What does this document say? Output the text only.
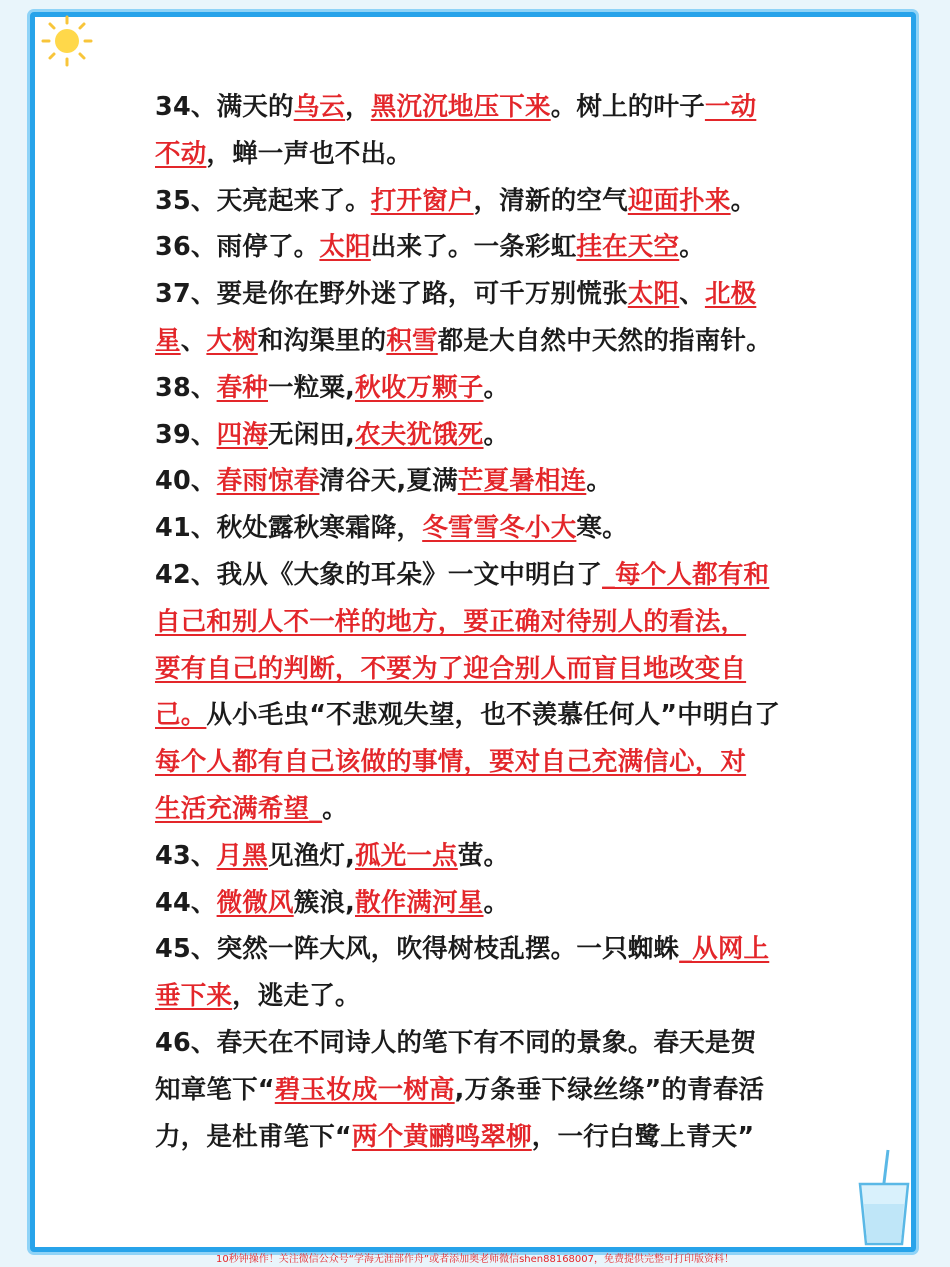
34、满天的乌云，黑沉沉地压下来。树上的叶子一动

不动，蝉一声也不出。

35、天亮起来了。打开窗户，清新的空气迎面扑来。

36、雨停了。太阳出来了。一条彩虹挂在天空。

37、要是你在野外迷了路，可千万别慌张太阳、北极

星、大树和沟渠里的积雪都是大自然中天然的指南针。

38、春种一粒粟,秋收万颗子。

39、四海无闲田,农夫犹饿死。

40、春雨惊春清谷天,夏满芒夏暑相连。

41、秋处露秋寒霜降，冬雪雪冬小大寒。

42、我从《大象的耳朵》一文中明白了_每个人都有和

自己和别人不一样的地方，要正确对待别人的看法，

要有自己的判断，不要为了迎合别人而盲目地改变自

己。从小毛虫“不悲观失望，也不羡慕任何人”中明白了

每个人都有自己该做的事情，要对自己充满信心，对

生活充满希望_。

43、月黑见渔灯,孤光一点萤。

44、微微风簇浪,散作满河星。

45、突然一阵大风，吹得树枝乱摆。一只蜘蛛_从网上

垂下来，逃走了。

46、春天在不同诗人的笔下有不同的景象。春天是贺

知章笔下“碧玉妆成一树高,万条垂下绿丝绦”的青春活

力，是杜甫笔下“两个黄鹂鸣翠柳，一行白鹭上青天”

10秒钟操作！关注微信公众号“学海无涯部作舟”或者添加奥老师微信shen88168007，免费提供完整可打印版资料！
